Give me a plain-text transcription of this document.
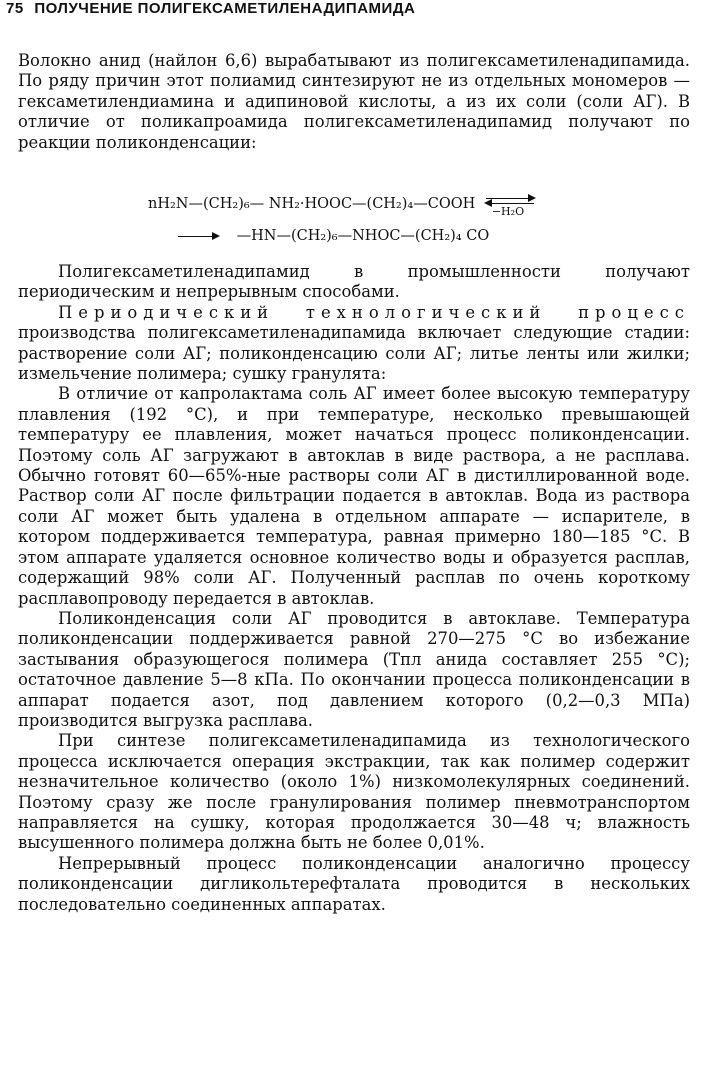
75 ПОЛУЧЕНИЕ ПОЛИГЕКСАМЕТИЛЕНАДИПАМИДА

Волокно анид (найлон 6,6) вырабатывают из полигексаметиленадипамида. По ряду причин этот полиамид синтезируют не из отдельных мономеров — гексаметилендиамина и адипиновой кислоты, а из их соли (соли АГ). В отличие от поликапроамида полигексаметиленадипамид получают по реакции поликонденсации:

nH₂N—(CH₂)₆— NH₂·HOOC—(CH₂)₄—COOH −H₂O
→ —HN—(CH₂)₆—NHOC—(CH₂)₄ CO

Полигексаметиленадипамид в промышленности получают периодическим и непрерывным способами.

Периодический технологический процесс производства полигексаметиленадипамида включает следующие стадии: растворение соли АГ; поликонденсацию соли АГ; литье ленты или жилки; измельчение полимера; сушку гранулята:

В отличие от капролактама соль АГ имеет более высокую температуру плавления (192 °С), и при температуре, несколько превышающей температуру ее плавления, может начаться процесс поликонденсации. Поэтому соль АГ загружают в автоклав в виде раствора, а не расплава. Обычно готовят 60—65%-ные растворы соли АГ в дистиллированной воде. Раствор соли АГ после фильтрации подается в автоклав. Вода из раствора соли АГ может быть удалена в отдельном аппарате — испарителе, в котором поддерживается температура, равная примерно 180—185 °С. В этом аппарате удаляется основное количество воды и образуется расплав, содержащий 98% соли АГ. Полученный расплав по очень короткому расплавопроводу передается в автоклав.

Поликонденсация соли АГ проводится в автоклаве. Температура поликонденсации поддерживается равной 270—275 °С во избежание застывания образующегося полимера (Tпл анида составляет 255 °С); остаточное давление 5—8 кПа. По окончании процесса поликонденсации в аппарат подается азот, под давлением которого (0,2—0,3 МПа) производится выгрузка расплава.

При синтезе полигексаметиленадипамида из технологического процесса исключается операция экстракции, так как полимер содержит незначительное количество (около 1%) низкомолекулярных соединений. Поэтому сразу же после гранулирования полимер пневмотранспортом направляется на сушку, которая продолжается 30—48 ч; влажность высушенного полимера должна быть не более 0,01%.

Непрерывный процесс поликонденсации аналогично процессу поликонденсации дигликольтерефталата проводится в нескольких последовательно соединенных аппаратах.
